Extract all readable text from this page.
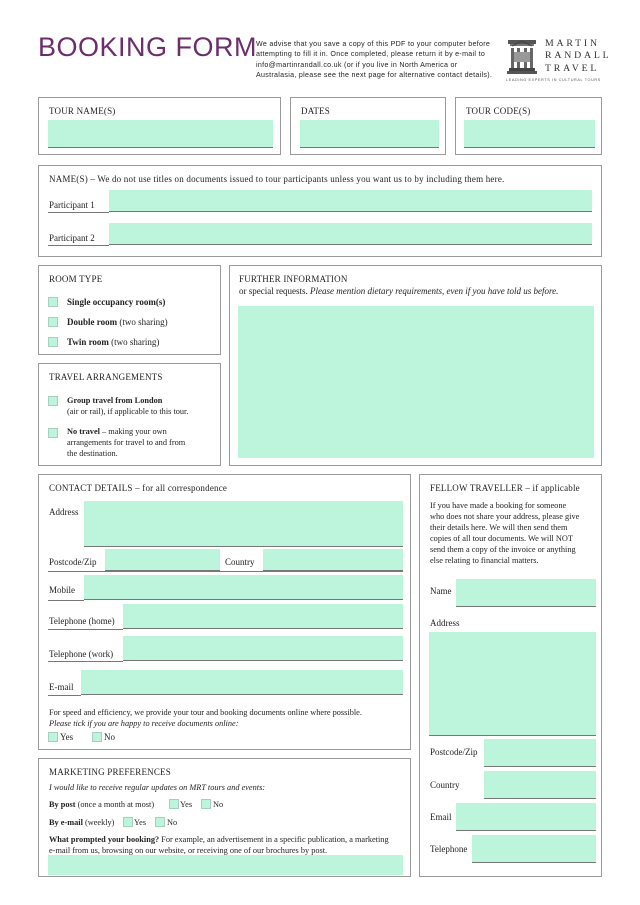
BOOKING FORM
We advise that you save a copy of this PDF to your computer before attempting to fill it in. Once completed, please return it by e-mail to info@martinrandall.co.uk (or if you live in North America or Australasia, please see the next page for alternative contact details).
MARTIN
RANDALL
TRAVEL
LEADING EXPERTS IN CULTURAL TOURS
TOUR NAME(S)	DATES	TOUR CODE(S)
NAME(S) – We do not use titles on documents issued to tour participants unless you want us to by including them here.
Participant 1
Participant 2
ROOM TYPE
Single occupancy room(s)
Double room (two sharing)
Twin room (two sharing)
TRAVEL ARRANGEMENTS
Group travel from London
(air or rail), if applicable to this tour.
No travel – making your own
arrangements for travel to and from
the destination.
FURTHER INFORMATION
or special requests. Please mention dietary requirements, even if you have told us before.
CONTACT DETAILS – for all correspondence
Address
Postcode/Zip	Country
Mobile
Telephone (home)
Telephone (work)
E-mail
For speed and efficiency, we provide your tour and booking documents online where possible.
Please tick if you are happy to receive documents online:
Yes	No
MARKETING PREFERENCES
I would like to receive regular updates on MRT tours and events:
By post (once a month at most)	Yes	No
By e-mail (weekly) Yes	No
What prompted your booking? For example, an advertisement in a specific publication, a marketing
e-mail from us, browsing on our website, or receiving one of our brochures by post.
FELLOW TRAVELLER – if applicable
If you have made a booking for someone
who does not share your address, please give
their details here. We will then send them
copies of all tour documents. We will NOT
send them a copy of the invoice or anything
else relating to financial matters.
Name
Address
Postcode/Zip
Country
Email
Telephone
